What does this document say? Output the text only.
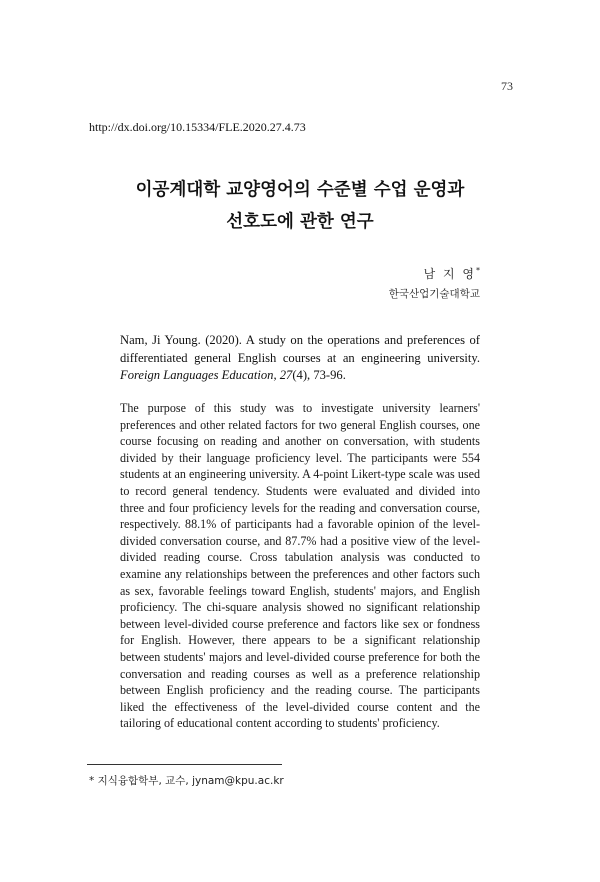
73
http://dx.doi.org/10.15334/FLE.2020.27.4.73
이공계대학 교양영어의 수준별 수업 운영과
선호도에 관한 연구
남 지 영*
한국산업기술대학교
Nam, Ji Young. (2020). A study on the operations and preferences of differentiated general English courses at an engineering university. Foreign Languages Education, 27(4), 73-96.
The purpose of this study was to investigate university learners' preferences and other related factors for two general English courses, one course focusing on reading and another on conversation, with students divided by their language proficiency level. The participants were 554 students at an engineering university. A 4-point Likert-type scale was used to record general tendency. Students were evaluated and divided into three and four proficiency levels for the reading and conversation course, respectively. 88.1% of participants had a favorable opinion of the level-divided conversation course, and 87.7% had a positive view of the level-divided reading course. Cross tabulation analysis was conducted to examine any relationships between the preferences and other factors such as sex, favorable feelings toward English, students' majors, and English proficiency. The chi-square analysis showed no significant relationship between level-divided course preference and factors like sex or fondness for English. However, there appears to be a significant relationship between students' majors and level-divided course preference for both the conversation and reading courses as well as a preference relationship between English proficiency and the reading course. The participants liked the effectiveness of the level-divided course content and the tailoring of educational content according to students' proficiency.
* 지식융합학부, 교수, jynam@kpu.ac.kr
